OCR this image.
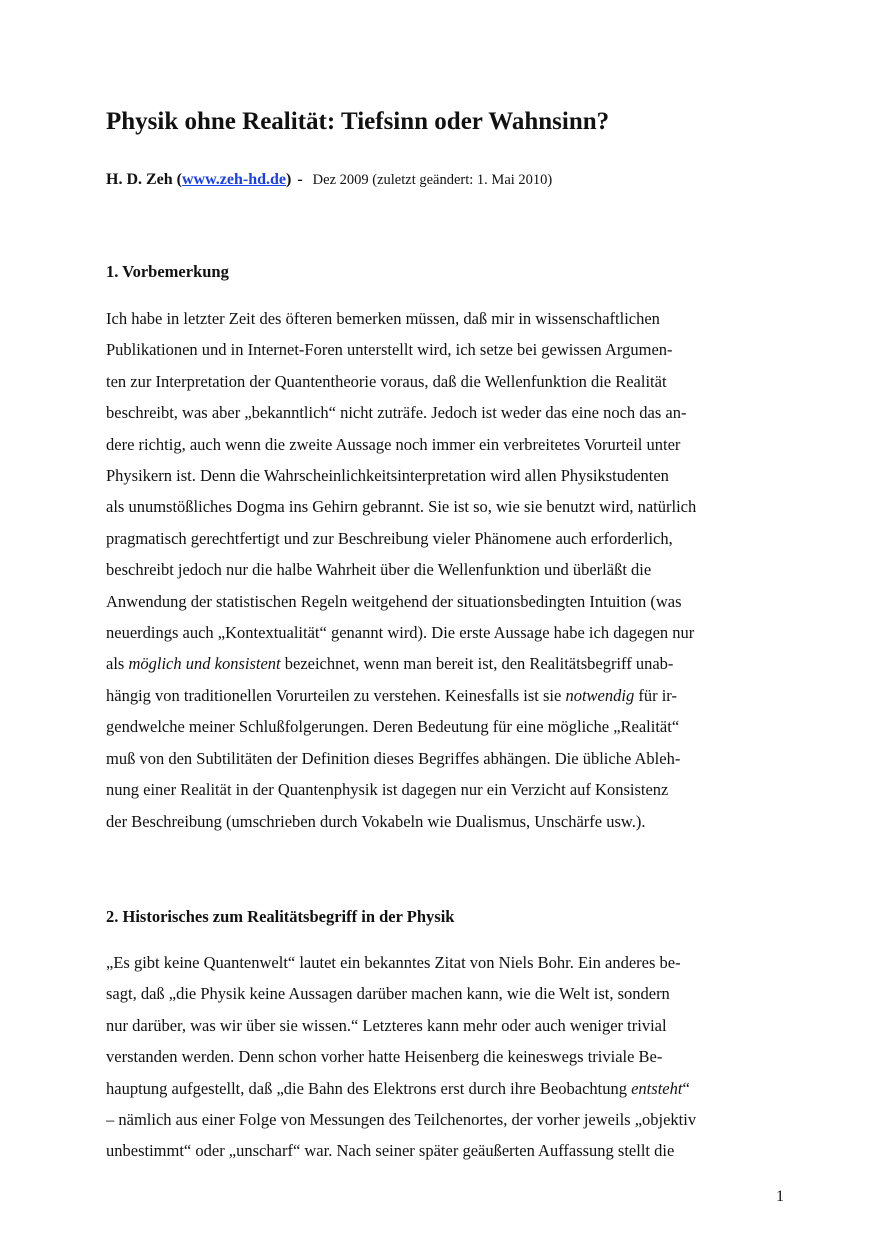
Physik ohne Realität: Tiefsinn oder Wahnsinn?
H. D. Zeh (www.zeh-hd.de) - Dez 2009 (zuletzt geändert: 1. Mai 2010)
1. Vorbemerkung
Ich habe in letzter Zeit des öfteren bemerken müssen, daß mir in wissenschaftlichen
Publikationen und in Internet-Foren unterstellt wird, ich setze bei gewissen Argumen-
ten zur Interpretation der Quantentheorie voraus, daß die Wellenfunktion die Realität
beschreibt, was aber „bekanntlich“ nicht zuträfe. Jedoch ist weder das eine noch das an-
dere richtig, auch wenn die zweite Aussage noch immer ein verbreitetes Vorurteil unter
Physikern ist. Denn die Wahrscheinlichkeitsinterpretation wird allen Physikstudenten
als unumstößliches Dogma ins Gehirn gebrannt. Sie ist so, wie sie benutzt wird, natürlich
pragmatisch gerechtfertigt und zur Beschreibung vieler Phänomene auch erforderlich,
beschreibt jedoch nur die halbe Wahrheit über die Wellenfunktion und überläßt die
Anwendung der statistischen Regeln weitgehend der situationsbedingten Intuition (was
neuerdings auch „Kontextualität“ genannt wird). Die erste Aussage habe ich dagegen nur
als möglich und konsistent bezeichnet, wenn man bereit ist, den Realitätsbegriff unab-
hängig von traditionellen Vorurteilen zu verstehen. Keinesfalls ist sie notwendig für ir-
gendwelche meiner Schlußfolgerungen. Deren Bedeutung für eine mögliche „Realität“
muß von den Subtilitäten der Definition dieses Begriffes abhängen. Die übliche Ableh-
nung einer Realität in der Quantenphysik ist dagegen nur ein Verzicht auf Konsistenz
der Beschreibung (umschrieben durch Vokabeln wie Dualismus, Unschärfe usw.).
2. Historisches zum Realitätsbegriff in der Physik
„Es gibt keine Quantenwelt“ lautet ein bekanntes Zitat von Niels Bohr. Ein anderes be-
sagt, daß „die Physik keine Aussagen darüber machen kann, wie die Welt ist, sondern
nur darüber, was wir über sie wissen.“ Letzteres kann mehr oder auch weniger trivial
verstanden werden. Denn schon vorher hatte Heisenberg die keineswegs triviale Be-
hauptung aufgestellt, daß „die Bahn des Elektrons erst durch ihre Beobachtung entsteht“
– nämlich aus einer Folge von Messungen des Teilchenortes, der vorher jeweils „objektiv
unbestimmt“ oder „unscharf“ war. Nach seiner später geäußerten Auffassung stellt die
1
